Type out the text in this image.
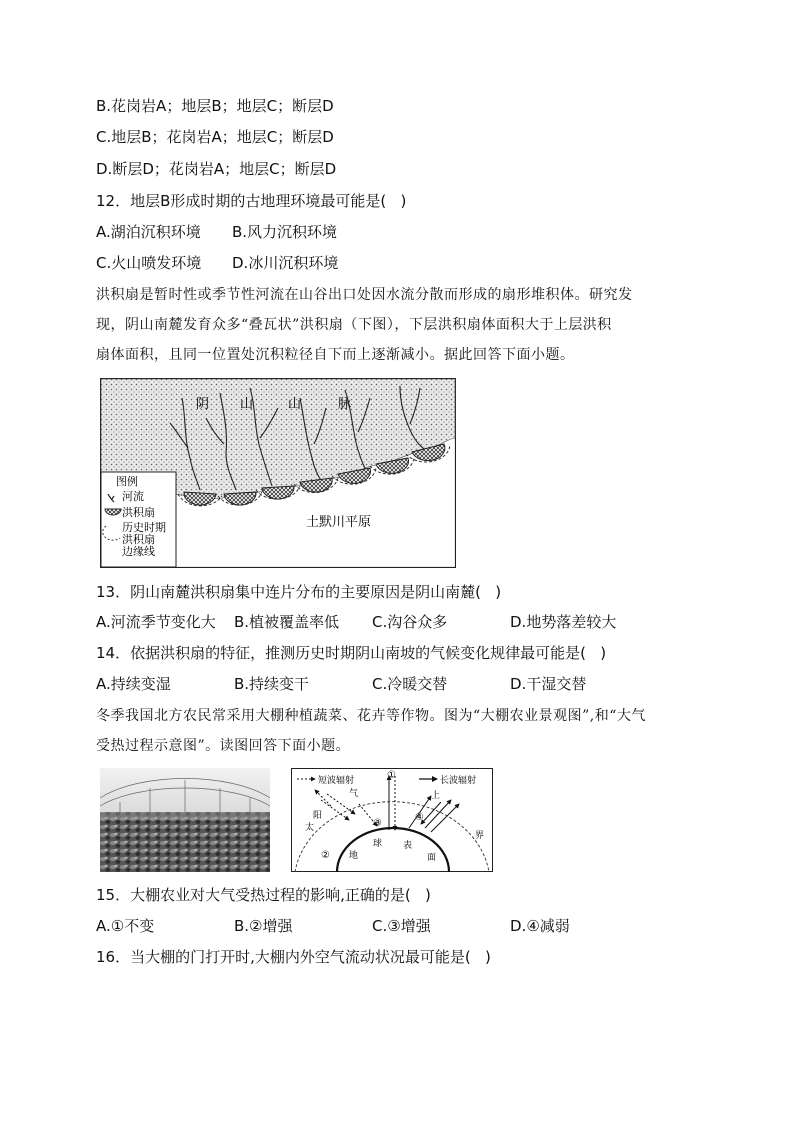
B.花岗岩A；地层B；地层C；断层D
C.地层B；花岗岩A；地层C；断层D
D.断层D；花岗岩A；地层C；断层D
12．地层B形成时期的古地理环境最可能是(   )
A.湖泊沉积环境 B.风力沉积环境
C.火山喷发环境 D.冰川沉积环境
洪积扇是暂时性或季节性河流在山谷出口处因水流分散而形成的扇形堆积体。研究发
现，阴山南麓发育众多“叠瓦状”洪积扇（下图），下层洪积扇体面积大于上层洪积
扇体面积，且同一位置处沉积粒径自下而上逐渐减小。据此回答下面小题。
阴 山	山	脉
土默川平原
图例
河流
洪积扇
历史时期
洪积扇
边缘线
13．阴山南麓洪积扇集中连片分布的主要原因是阴山南麓(   )
A.河流季节变化大 B.植被覆盖率低 C.沟谷众多	D.地势落差较大
14．依据洪积扇的特征，推测历史时期阴山南坡的气候变化规律最可能是(   )
A.持续变湿	B.持续变干	C.冷暖交替	D.干湿交替
冬季我国北方农民常采用大棚种植蔬菜、花卉等作物。图为“大棚农业景观图”,和“大气
受热过程示意图”。读图回答下面小题。
短波辐射	长波辐射
①
②
③
④
太
阳
气	上
界
地
球 表
面
15．大棚农业对大气受热过程的影响,正确的是(   )
A.①不变	B.②增强	C.③增强	D.④减弱
16．当大棚的门打开时,大棚内外空气流动状况最可能是(   )
